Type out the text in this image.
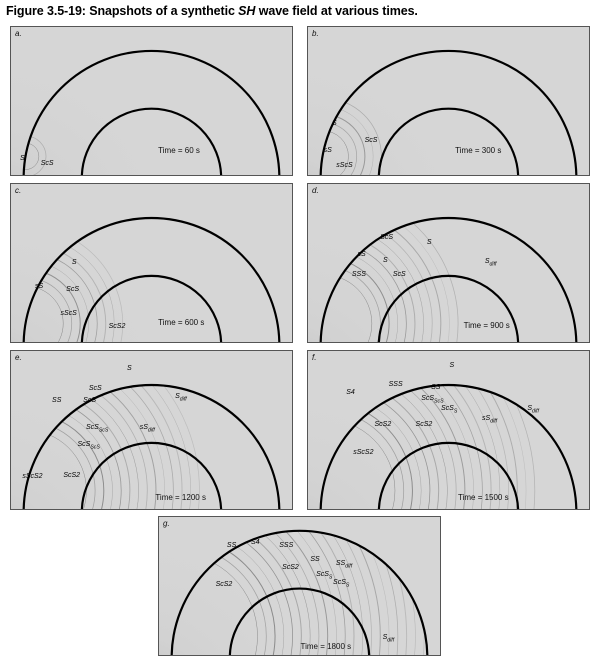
Figure 3.5-19: Snapshots of a synthetic SH wave field at various times.
a.
Time = 60 s
S
ScS
b.
Time = 300 s
S
sS
ScS
sScS
c.
Time = 600 s
S
sS	ScS
sScS
ScS2
d.
Time = 900 s
ScS
S
sS
S
SSS	ScS
$S_{diff}$
e.
Time = 1200 s
S
ScS
SS	ScS	$S_{diff}$
ScS$_{ScS}$	$sS_{diff}$
ScS$_{ScS}$
sScS2	ScS2
f.
Time = 1500 s
S
SSS
S4
SS
ScS$_{ScS}$
ScS$_S$
$sS_{diff}$
$S_{diff}$
ScS2	ScS2
sScS2
g.
Time = 1800 s
SS S4	SSS
SS
$SS_{diff}$
ScS2
ScS$_S$
ScS$_S$
ScS2
$S_{diff}$
